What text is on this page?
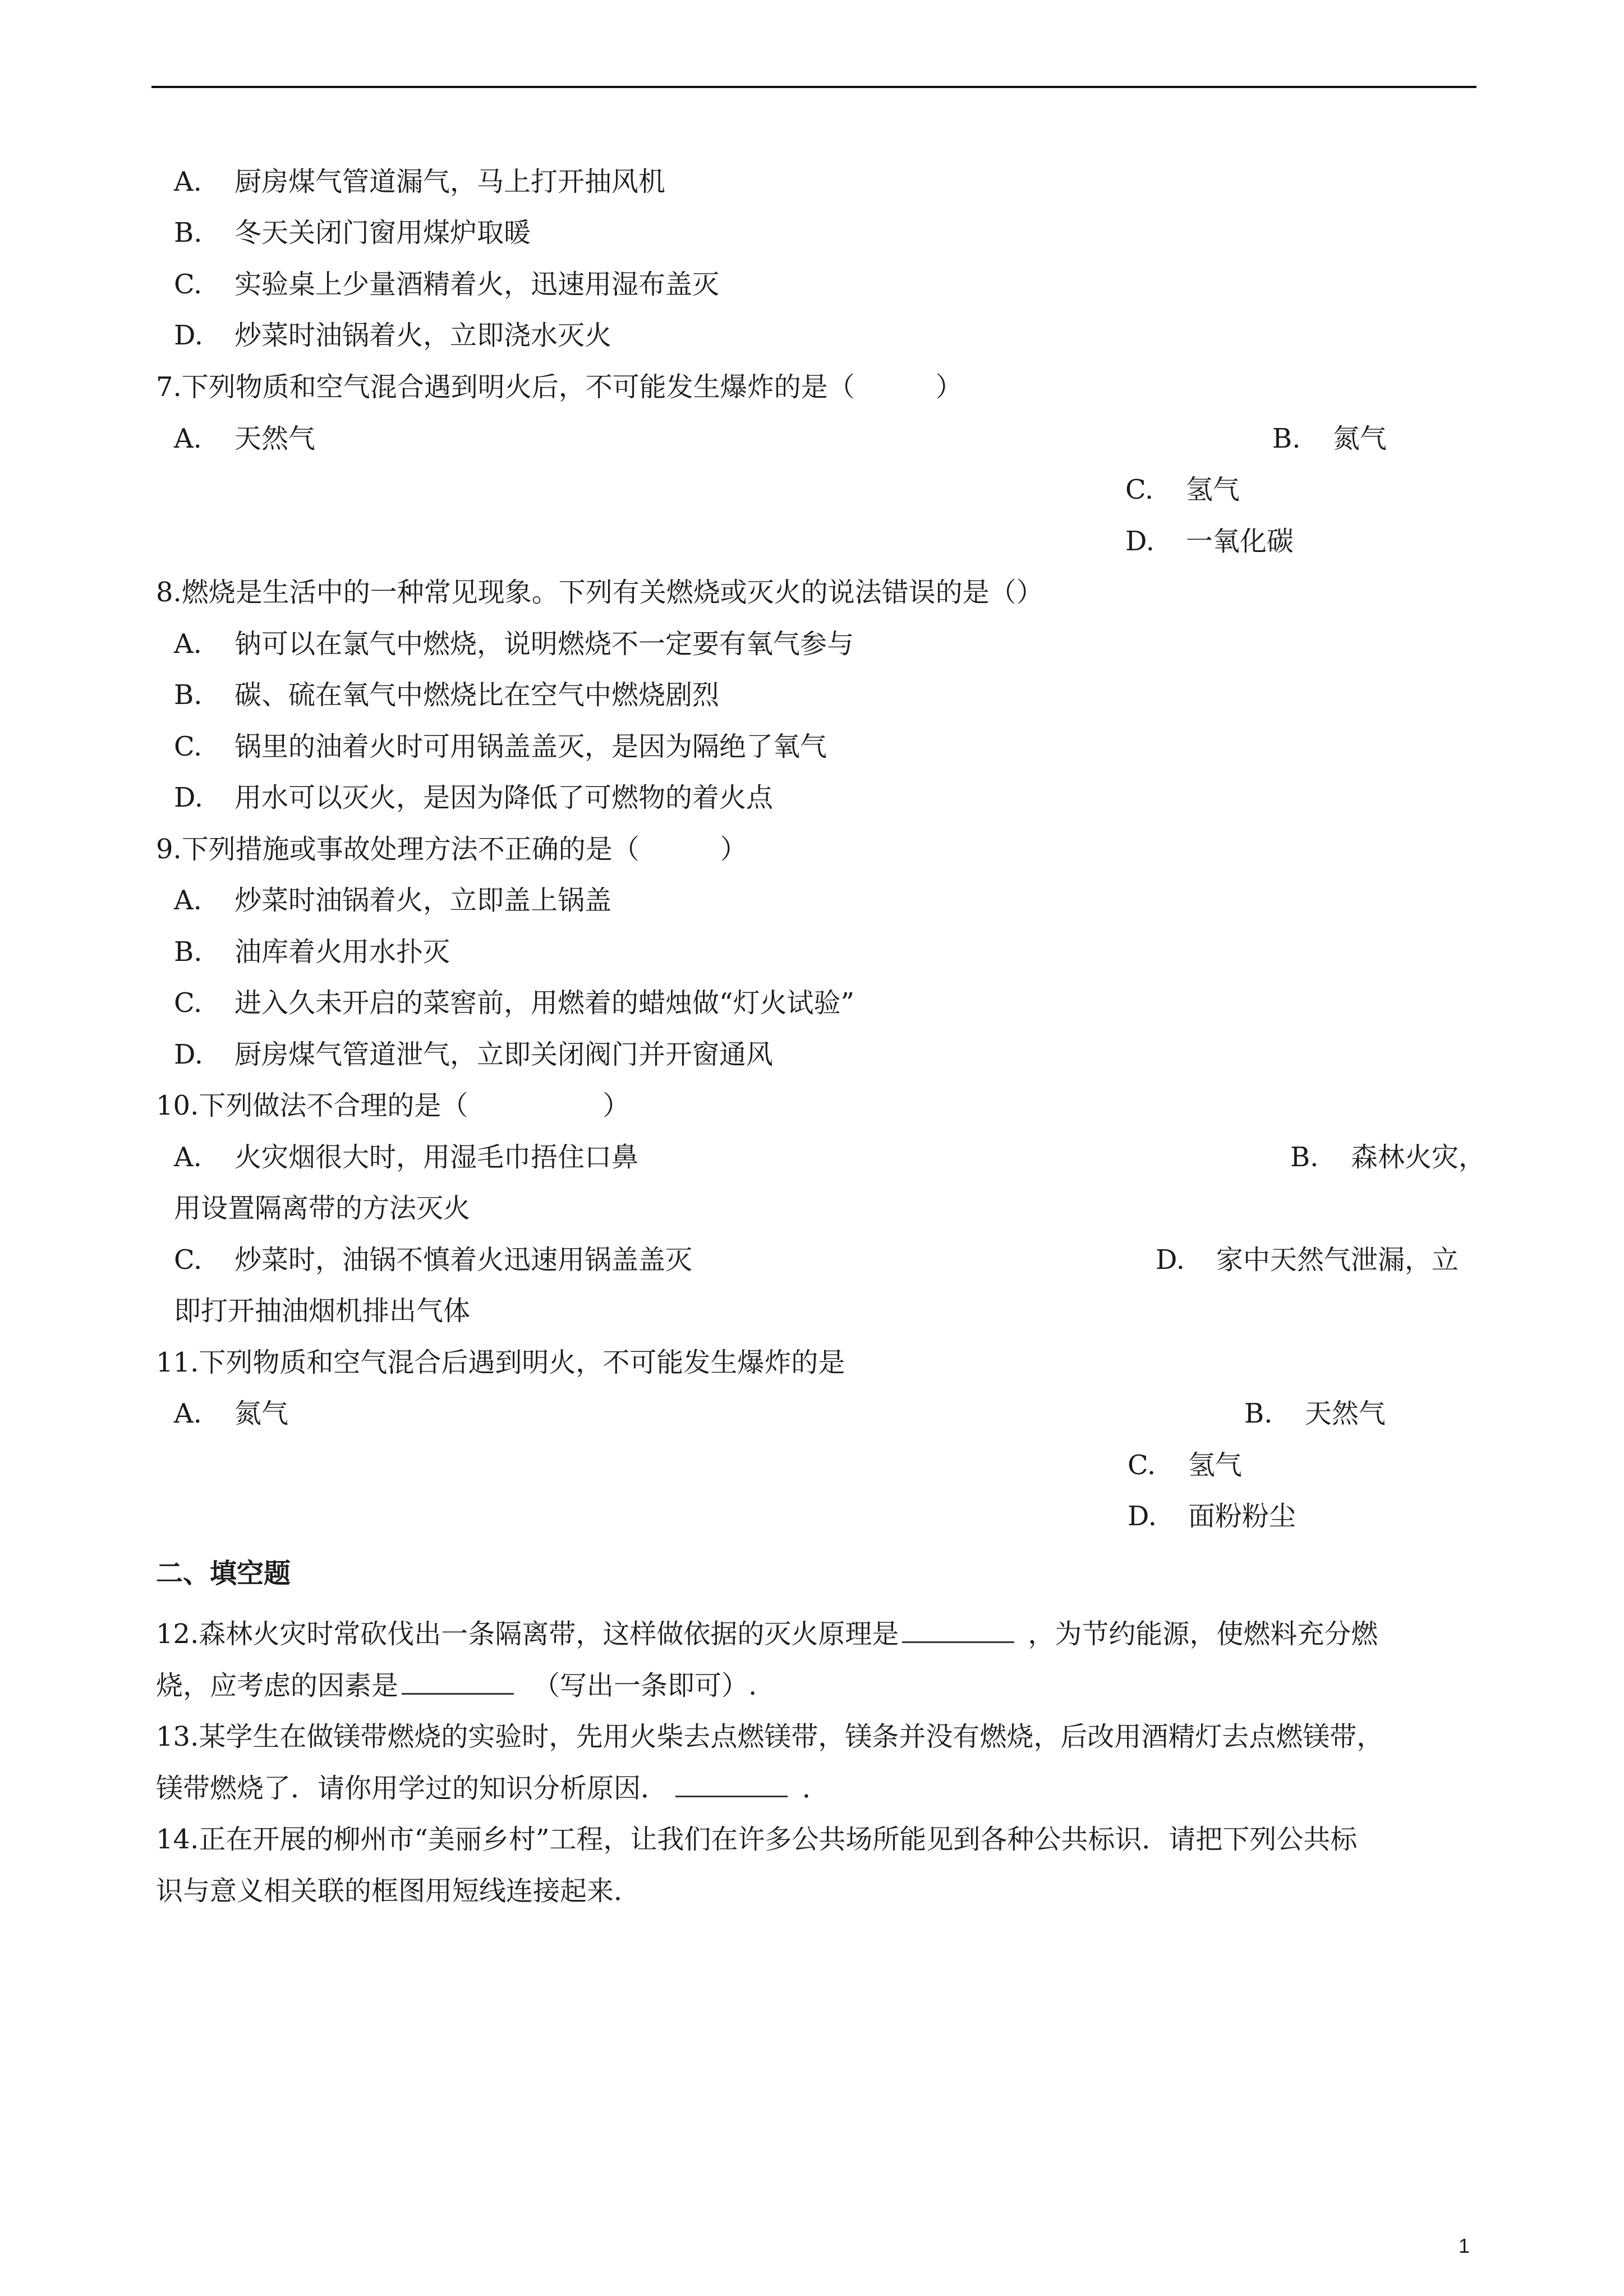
A.	厨房煤气管道漏气，马上打开抽风机
B.	冬天关闭门窗用煤炉取暖
C.	实验桌上少量酒精着火，迅速用湿布盖灭
D.	炒菜时油锅着火，立即浇水灭火
7.下列物质和空气混合遇到明火后，不可能发生爆炸的是（　　　）
A.	天然气	B.	氮气
C.	氢气
D.	一氧化碳
8.燃烧是生活中的一种常见现象。下列有关燃烧或灭火的说法错误的是（）
A.	钠可以在氯气中燃烧，说明燃烧不一定要有氧气参与
B.	碳、硫在氧气中燃烧比在空气中燃烧剧烈
C.	锅里的油着火时可用锅盖盖灭，是因为隔绝了氧气
D.	用水可以灭火，是因为降低了可燃物的着火点
9.下列措施或事故处理方法不正确的是（　　　）
A.	炒菜时油锅着火，立即盖上锅盖
B.	油库着火用水扑灭
C.	进入久未开启的菜窖前，用燃着的蜡烛做“灯火试验”
D.	厨房煤气管道泄气，立即关闭阀门并开窗通风
10.下列做法不合理的是（　　　　　）
A.	火灾烟很大时，用湿毛巾捂住口鼻	B.	森林火灾，
用设置隔离带的方法灭火
C.	炒菜时，油锅不慎着火迅速用锅盖盖灭	D.	家中天然气泄漏，立
即打开抽油烟机排出气体
11.下列物质和空气混合后遇到明火，不可能发生爆炸的是
A.	氮气	B.	天然气
C.	氢气
D.	面粉粉尘
二、填空题
12.森林火灾时常砍伐出一条隔离带，这样做依据的灭火原理是	，为节约能源，使燃料充分燃
烧，应考虑的因素是	（写出一条即可）.
13.某学生在做镁带燃烧的实验时，先用火柴去点燃镁带，镁条并没有燃烧，后改用酒精灯去点燃镁带，
镁带燃烧了．请你用学过的知识分析原因．	．
14.正在开展的柳州市“美丽乡村”工程，让我们在许多公共场所能见到各种公共标识．请把下列公共标
识与意义相关联的框图用短线连接起来．
1
